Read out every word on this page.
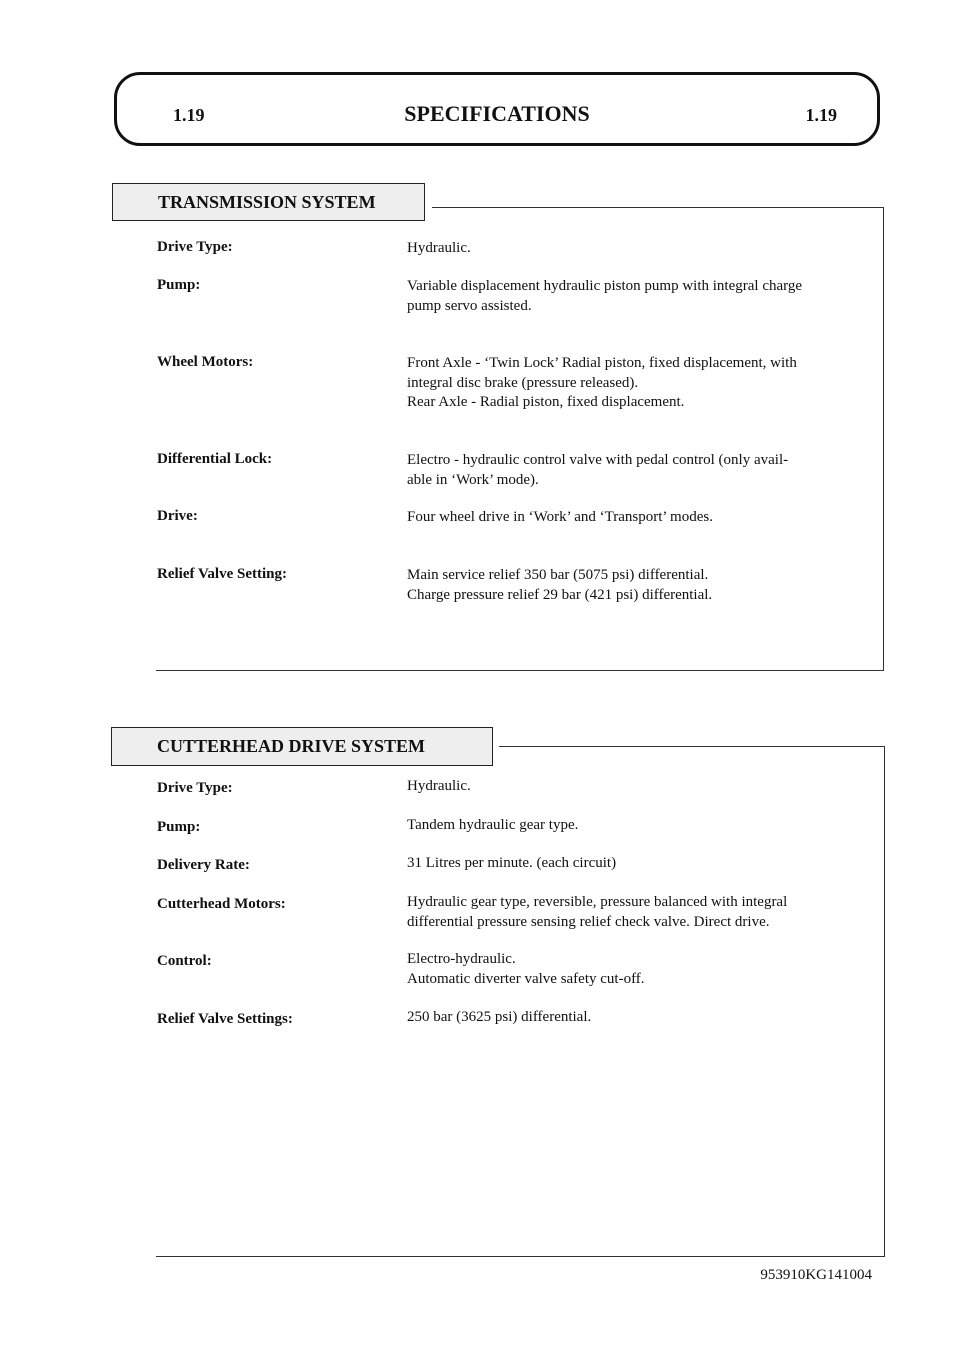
1.19	SPECIFICATIONS	1.19
TRANSMISSION SYSTEM
Drive Type:	Hydraulic.
Pump:	Variable displacement hydraulic piston pump with integral charge
pump servo assisted.
Wheel Motors:	Front Axle - ‘Twin Lock’ Radial piston, fixed displacement, with
integral disc brake (pressure released).
Rear Axle - Radial piston, fixed displacement.
Differential Lock:	Electro - hydraulic control valve with pedal control (only avail-
able in ‘Work’ mode).
Drive:	Four wheel drive in ‘Work’ and ‘Transport’ modes.
Relief Valve Setting:	Main service relief 350 bar (5075 psi) differential.
Charge pressure relief 29 bar (421 psi) differential.
CUTTERHEAD DRIVE SYSTEM
Drive Type:	Hydraulic.
Pump:	Tandem hydraulic gear type.
Delivery Rate:	31 Litres per minute. (each circuit)
Cutterhead Motors:	Hydraulic gear type, reversible, pressure balanced with integral
differential pressure sensing relief check valve. Direct drive.
Control:	Electro-hydraulic.
Automatic diverter valve safety cut-off.
Relief Valve Settings:	250 bar (3625 psi) differential.
953910KG141004
